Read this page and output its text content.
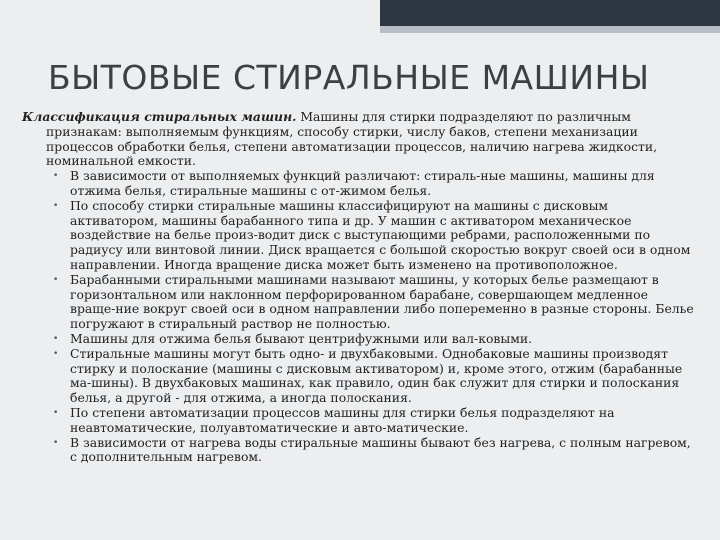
БЫТОВЫЕ СТИРАЛЬНЫЕ МАШИНЫ
Классификация стиральных машин. Машины для стирки подразделяют по различным признакам: выполняемым функциям, способу стирки, числу баков, степени механизации процессов обработки белья, степени автоматизации процессов, наличию нагрева жидкости, номинальной емкости.
• В зависимости от выполняемых функций различают: стираль-ные машины, машины для отжима белья, стиральные машины с от-жимом белья.
• По способу стирки стиральные машины классифицируют на машины с дисковым активатором, машины барабанного типа и др. У машин с активатором механическое воздействие на белье произ-водит диск с выступающими ребрами, расположенными по радиусу или винтовой линии. Диск вращается с большой скоростью вокруг своей оси в одном направлении. Иногда вращение диска может быть изменено на противоположное.
• Барабанными стиральными машинами называют машины, у которых белье размещают в горизонтальном или наклонном перфорированном барабане, совершающем медленное враще-ние вокруг своей оси в одном направлении либо попеременно в разные стороны. Белье погружают в стиральный раствор не полностью.
• Машины для отжима белья бывают центрифужными или вал-ковыми.
• Стиральные машины могут быть одно- и двухбаковыми. Однобаковые машины производят стирку и полоскание (машины с дисковым активатором) и, кроме этого, отжим (барабанные ма-шины). В двухбаковых машинах, как правило, один бак служит для стирки и полоскания белья, а другой - для отжима, а иногда полоскания.
• По степени автоматизации процессов машины для стирки белья подразделяют на неавтоматические, полуавтоматические и авто-матические.
• В зависимости от нагрева воды стиральные машины бывают без нагрева, с полным нагревом, с дополнительным нагревом.
